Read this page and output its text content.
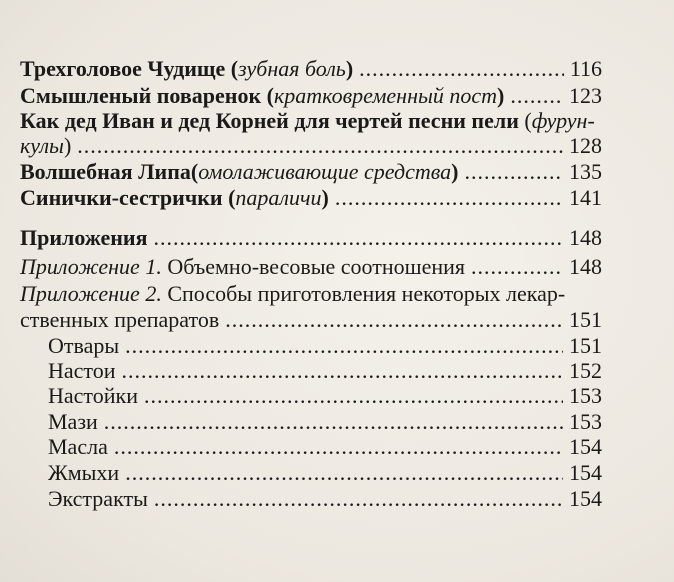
Трехголовое Чудище (зубная боль) .....	116
Смышленый поваренок (кратковременный пост) .....	123
Как дед Иван и дед Корней для чертей песни пели (фурун-
кулы) .....	128
Волшебная Липа(омолаживающие средства) .....	135
Синички-сестрички (параличи) .....	141
Приложения .....	148
Приложение 1. Объемно-весовые соотношения .....	148
Приложение 2. Способы приготовления некоторых лекар-
ственных препаратов .....	151
Отвары .....	151
Настои .....	152
Настойки .....	153
Мази .....	153
Масла .....	154
Жмыхи .....	154
Экстракты .....	154
